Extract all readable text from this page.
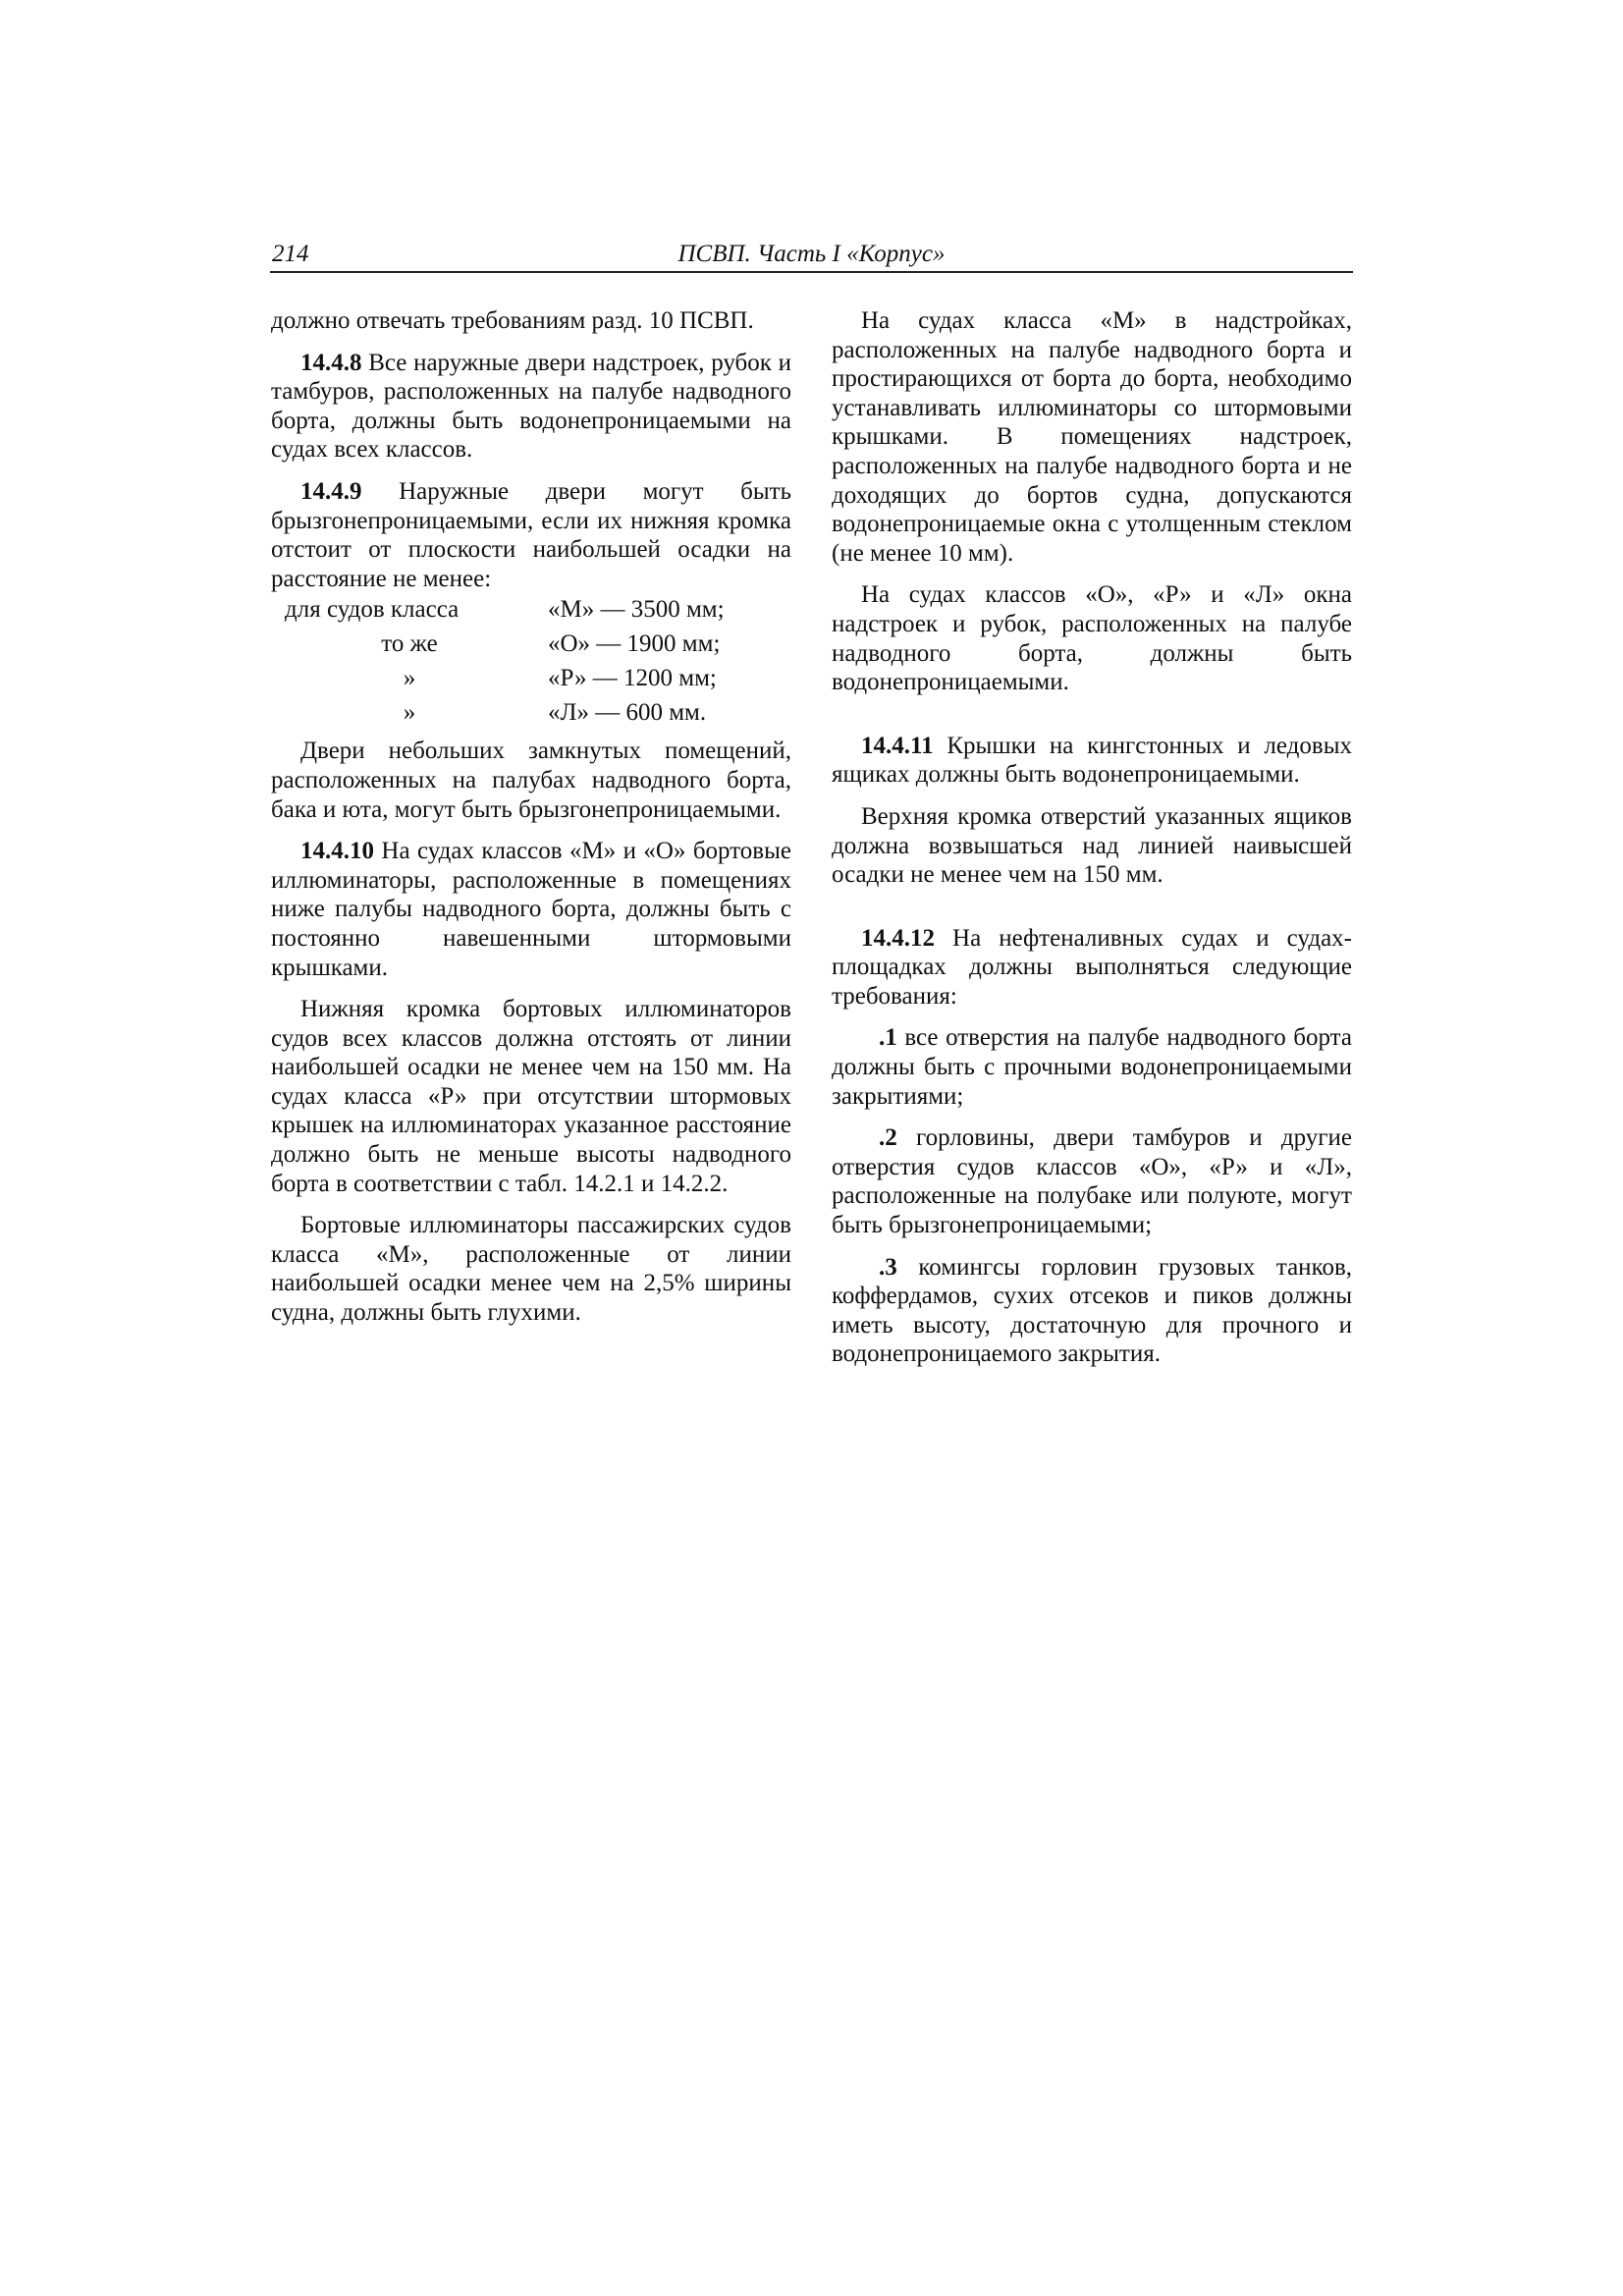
214	ПСВП. Часть I «Корпус»

должно отвечать требованиям разд. 10 ПСВП.

14.4.8 Все наружные двери надстроек, рубок и тамбуров, расположенных на палубе надводного борта, должны быть водонепроницаемыми на судах всех классов.

14.4.9 Наружные двери могут быть брызгонепроницаемыми, если их нижняя кромка отстоит от плоскости наибольшей осадки на расстояние не менее:

для судов класса	«М» — 3500 мм;
то же	«О» — 1900 мм;
»	«Р» — 1200 мм;
»	«Л» — 600 мм.

Двери небольших замкнутых помещений, расположенных на палубах надводного борта, бака и юта, могут быть брызгонепроницаемыми.

14.4.10 На судах классов «М» и «О» бортовые иллюминаторы, расположенные в помещениях ниже палубы надводного борта, должны быть с постоянно навешенными штормовыми крышками.

Нижняя кромка бортовых иллюминаторов судов всех классов должна отстоять от линии наибольшей осадки не менее чем на 150 мм. На судах класса «Р» при отсутствии штормовых крышек на иллюминаторах указанное расстояние должно быть не меньше высоты надводного борта в соответствии с табл. 14.2.1 и 14.2.2.

Бортовые иллюминаторы пассажирских судов класса «М», расположенные от линии наибольшей осадки менее чем на 2,5% ширины судна, должны быть глухими.

На судах класса «М» в надстройках, расположенных на палубе надводного борта и простирающихся от борта до борта, необходимо устанавливать иллюминаторы со штормовыми крышками. В помещениях надстроек, расположенных на палубе надводного борта и не доходящих до бортов судна, допускаются водонепроницаемые окна с утолщенным стеклом (не менее 10 мм).

На судах классов «О», «Р» и «Л» окна надстроек и рубок, расположенных на палубе надводного борта, должны быть водонепроницаемыми.

14.4.11 Крышки на кингстонных и ледовых ящиках должны быть водонепроницаемыми.

Верхняя кромка отверстий указанных ящиков должна возвышаться над линией наивысшей осадки не менее чем на 150 мм.

14.4.12 На нефтеналивных судах и судах-площадках должны выполняться следующие требования:

.1 все отверстия на палубе надводного борта должны быть с прочными водонепроницаемыми закрытиями;

.2 горловины, двери тамбуров и другие отверстия судов классов «О», «Р» и «Л», расположенные на полубаке или полуюте, могут быть брызгонепроницаемыми;

.3 комингсы горловин грузовых танков, коффердамов, сухих отсеков и пиков должны иметь высоту, достаточную для прочного и водонепроницаемого закрытия.
